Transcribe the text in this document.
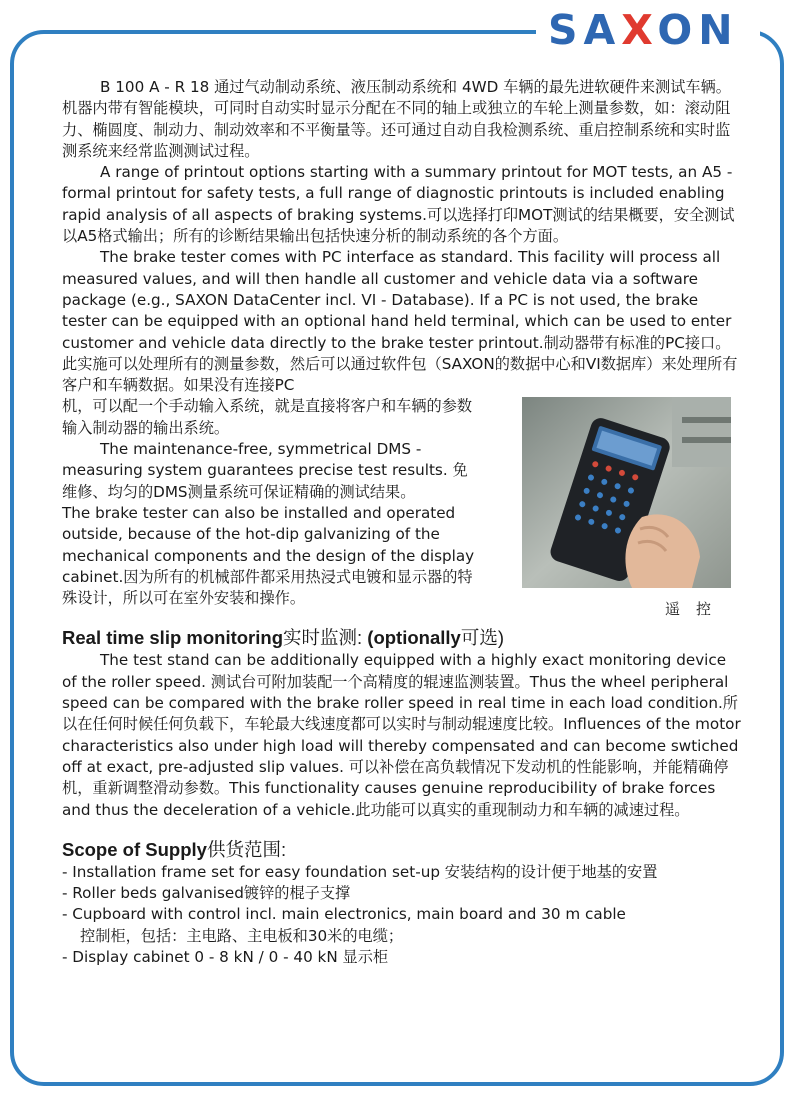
SAXON

B 100 A - R 18 通过气动制动系统、液压制动系统和 4WD 车辆的最先进软硬件来测试车辆。机器内带有智能模块，可同时自动实时显示分配在不同的轴上或独立的车轮上测量参数，如：滚动阻力、椭圆度、制动力、制动效率和不平衡量等。还可通过自动自我检测系统、重启控制系统和实时监测系统来经常监测测试过程。

A range of printout options starting with a summary printout for MOT tests, an A5 - formal printout for safety tests, a full range of diagnostic printouts is included enabling rapid analysis of all aspects of braking systems.可以选择打印MOT测试的结果概要，安全测试以A5格式输出；所有的诊断结果输出包括快速分析的制动系统的各个方面。

The brake tester comes with PC interface as standard. This facility will process all measured values, and will then handle all customer and vehicle data via a software package (e.g., SAXON DataCenter incl. VI - Database). If a PC is not used, the brake tester can be equipped with an optional hand held terminal, which can be used to enter customer and vehicle data directly to the brake tester printout.制动器带有标准的PC接口。此实施可以处理所有的测量参数，然后可以通过软件包（SAXON的数据中心和VI数据库）来处理所有客户和车辆数据。如果没有连接PC

机，可以配一个手动输入系统，就是直接将客户和车辆的参数输入制动器的输出系统。

The maintenance-free, symmetrical DMS - measuring system guarantees precise test results. 免维修、均匀的DMS测量系统可保证精确的测试结果。

The brake tester can also be installed and operated outside, because of the hot-dip galvanizing of the mechanical components and the design of the display cabinet.因为所有的机械部件都采用热浸式电镀和显示器的特殊设计，所以可在室外安装和操作。

Real time slip monitoring实时监测: (optionally可选)

The test stand can be additionally equipped with a highly exact monitoring device of the roller speed. 测试台可附加装配一个高精度的辊速监测装置。Thus the wheel peripheral speed can be compared with the brake roller speed in real time in each load condition.所以在任何时候任何负载下，车轮最大线速度都可以实时与制动辊速度比较。Influences of the motor characteristics also under high load will thereby compensated and can become swtiched off at exact, pre-adjusted slip values. 可以补偿在高负载情况下发动机的性能影响，并能精确停机，重新调整滑动参数。This functionality causes genuine reproducibility of brake forces and thus the deceleration of a vehicle.此功能可以真实的重现制动力和车辆的减速过程。

Scope of Supply供货范围:

- Installation frame set for easy foundation set-up 安装结构的设计便于地基的安置

- Roller beds galvanised镀锌的棍子支撑

- Cupboard with control incl. main electronics, main board and 30 m cable

控制柜，包括：主电路、主电板和30米的电缆；

- Display cabinet 0 - 8 kN / 0 - 40 kN 显示柜

遥控
